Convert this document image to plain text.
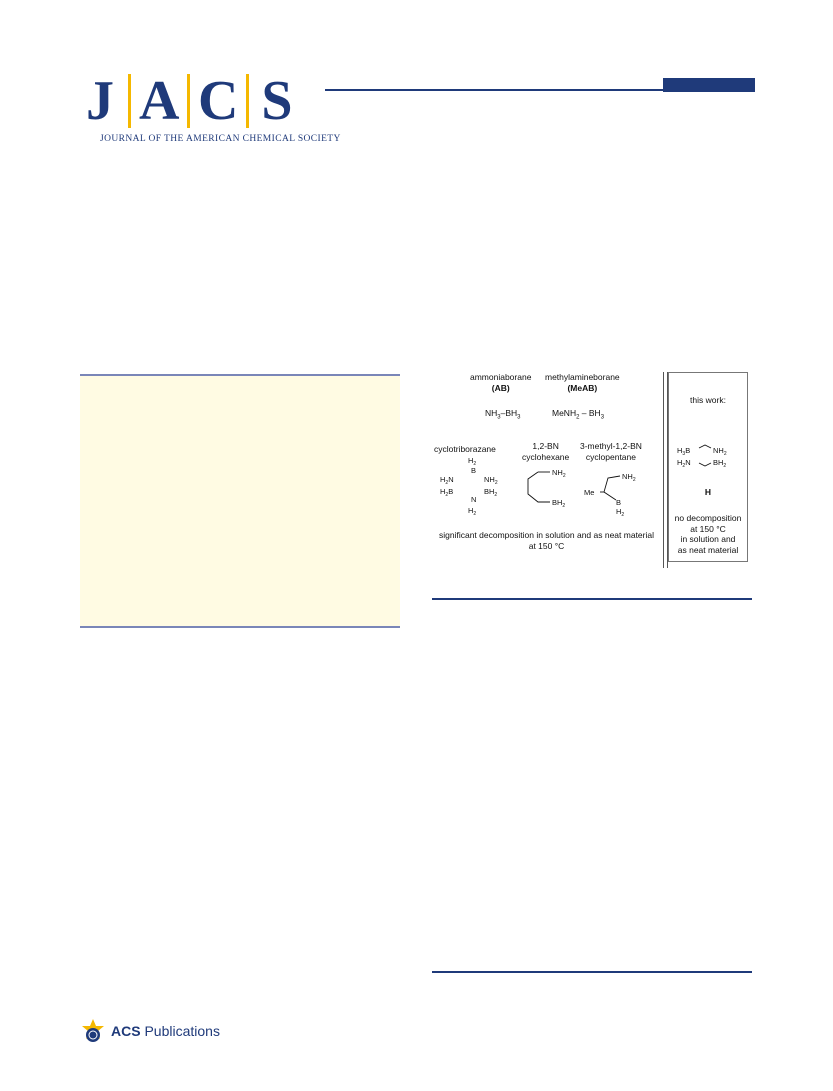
J A C S
JOURNAL OF THE AMERICAN CHEMICAL SOCIETY
ammoniaborane
(AB)
$NH_3-BH_3$
methylamineborane
(MeAB)
MeNH$_2$ – $BH_3$
cyclotriborazane
$H_2$
B
$H_2N$	$NH_2$
$H_2B$	$BH_2$
N
$H_2$
1,2-BN
cyclohexane
$NH_2$
$BH_2$
3-methyl-1,2-BN
cyclopentane
$NH_2$
Me
B
$H_2$
significant decomposition in solution and as neat material
at 150 °C
this work:
$H_3B$	$NH_2$
$H_2N$	$BH_2$
H
no decomposition
at 150 °C
in solution and
as neat material
ACS Publications
